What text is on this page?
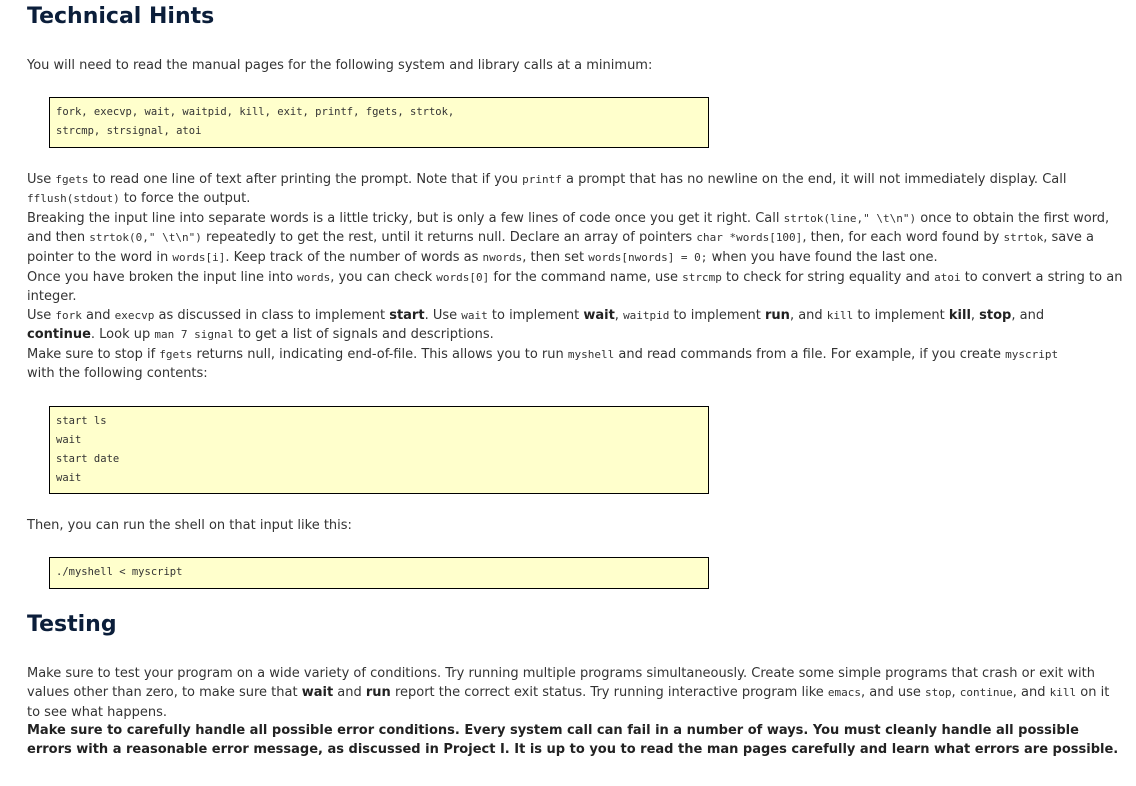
Technical Hints

You will need to read the manual pages for the following system and library calls at a minimum:

fork, execvp, wait, waitpid, kill, exit, printf, fgets, strtok,
strcmp, strsignal, atoi

Use fgets to read one line of text after printing the prompt. Note that if you printf a prompt that has no newline on the end, it will not immediately display. Call
fflush(stdout) to force the output.

Breaking the input line into separate words is a little tricky, but is only a few lines of code once you get it right. Call strtok(line," \t\n") once to obtain the first word, and then strtok(0," \t\n") repeatedly to get the rest, until it returns null. Declare an array of pointers char *words[100], then, for each word found by strtok, save a pointer to the word in words[i]. Keep track of the number of words as nwords, then set words[nwords] = 0; when you have found the last one.

Once you have broken the input line into words, you can check words[0] for the command name, use strcmp to check for string equality and atoi to convert a string to an integer.

Use fork and execvp as discussed in class to implement start. Use wait to implement wait, waitpid to implement run, and kill to implement kill, stop, and
continue. Look up man 7 signal to get a list of signals and descriptions.

Make sure to stop if fgets returns null, indicating end-of-file. This allows you to run myshell and read commands from a file. For example, if you create myscript
with the following contents:

start ls
wait
start date
wait

Then, you can run the shell on that input like this:

./myshell < myscript
Testing

Make sure to test your program on a wide variety of conditions. Try running multiple programs simultaneously. Create some simple programs that crash or exit with values other than zero, to make sure that wait and run report the correct exit status. Try running interactive program like emacs, and use stop, continue, and kill on it to see what happens.

Make sure to carefully handle all possible error conditions. Every system call can fail in a number of ways. You must cleanly handle all possible errors with a reasonable error message, as discussed in Project I. It is up to you to read the man pages carefully and learn what errors are possible.
